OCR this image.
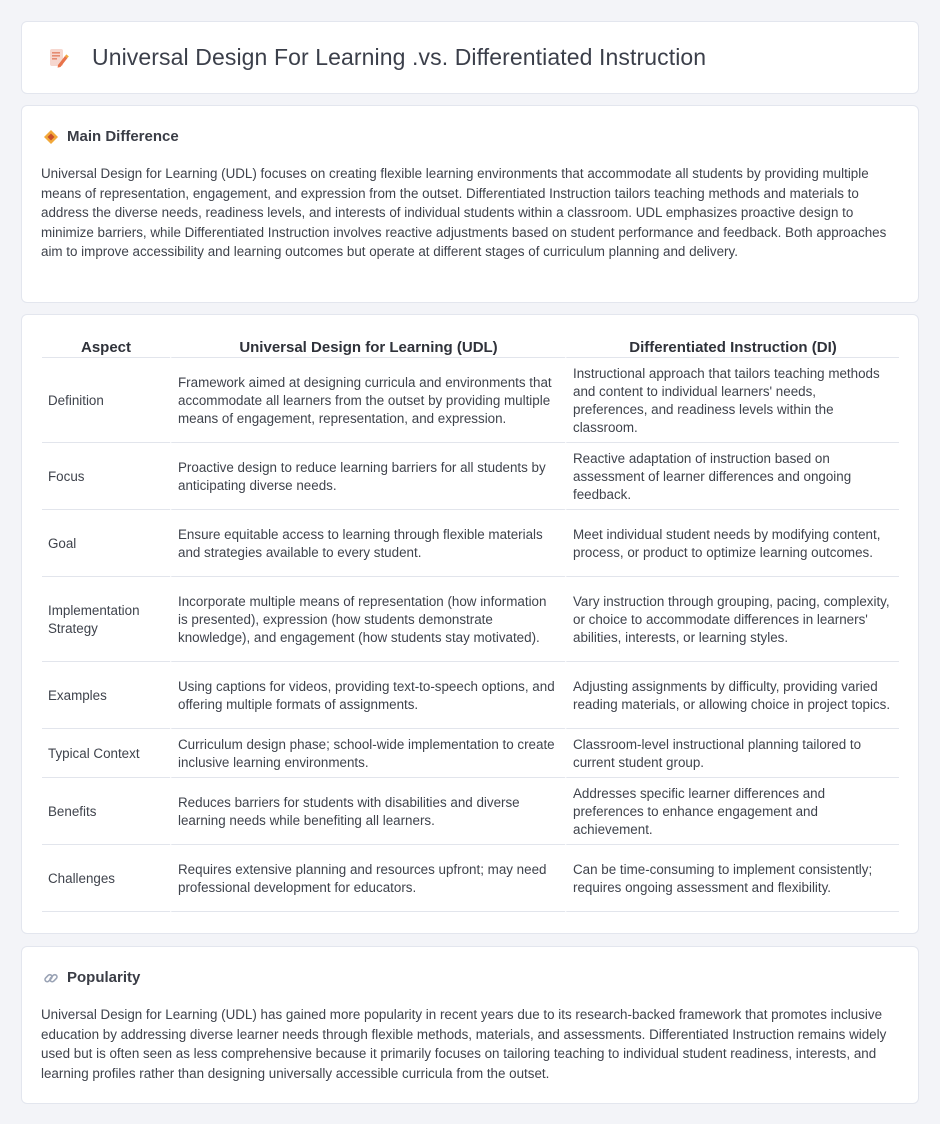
Universal Design For Learning .vs. Differentiated Instruction
Main Difference

Universal Design for Learning (UDL) focuses on creating flexible learning environments that accommodate all students by providing multiple means of representation, engagement, and expression from the outset. Differentiated Instruction tailors teaching methods and materials to address the diverse needs, readiness levels, and interests of individual students within a classroom. UDL emphasizes proactive design to minimize barriers, while Differentiated Instruction involves reactive adjustments based on student performance and feedback. Both approaches aim to improve accessibility and learning outcomes but operate at different stages of curriculum planning and delivery.

Aspect	Universal Design for Learning (UDL)	Differentiated Instruction (DI)
Definition	Framework aimed at designing curricula and environments that accommodate all learners from the outset by providing multiple means of engagement, representation, and expression.	Instructional approach that tailors teaching methods and content to individual learners' needs, preferences, and readiness levels within the classroom.
Focus	Proactive design to reduce learning barriers for all students by anticipating diverse needs.	Reactive adaptation of instruction based on assessment of learner differences and ongoing feedback.
Goal	Ensure equitable access to learning through flexible materials and strategies available to every student.	Meet individual student needs by modifying content, process, or product to optimize learning outcomes.
Implementation Strategy	Incorporate multiple means of representation (how information is presented), expression (how students demonstrate knowledge), and engagement (how students stay motivated).	Vary instruction through grouping, pacing, complexity, or choice to accommodate differences in learners' abilities, interests, or learning styles.
Examples	Using captions for videos, providing text-to-speech options, and offering multiple formats of assignments.	Adjusting assignments by difficulty, providing varied reading materials, or allowing choice in project topics.
Typical Context	Curriculum design phase; school-wide implementation to create inclusive learning environments.	Classroom-level instructional planning tailored to current student group.
Benefits	Reduces barriers for students with disabilities and diverse learning needs while benefiting all learners.	Addresses specific learner differences and preferences to enhance engagement and achievement.
Challenges	Requires extensive planning and resources upfront; may need professional development for educators.	Can be time-consuming to implement consistently; requires ongoing assessment and flexibility.
Popularity

Universal Design for Learning (UDL) has gained more popularity in recent years due to its research-backed framework that promotes inclusive education by addressing diverse learner needs through flexible methods, materials, and assessments. Differentiated Instruction remains widely used but is often seen as less comprehensive because it primarily focuses on tailoring teaching to individual student readiness, interests, and learning profiles rather than designing universally accessible curricula from the outset.
